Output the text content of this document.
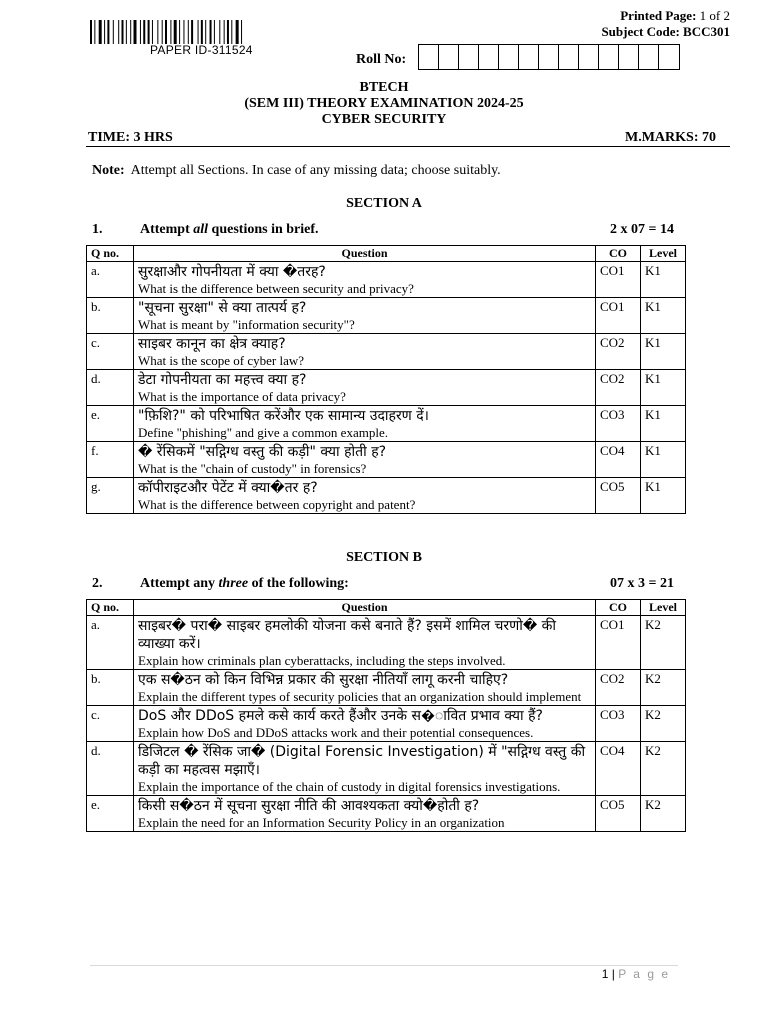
PAPER ID-311524
Printed Page: 1 of 2
Subject Code: BCC301
Roll No:
BTECH
(SEM III) THEORY EXAMINATION 2024-25
CYBER SECURITY
TIME: 3 HRS	M.MARKS: 70
Note: Attempt all Sections. In case of any missing data; choose suitably.
SECTION A
1.	Attempt all questions in brief.	2 x 07 = 14
Q no.	Question	CO	Level
a.	सुरक्षाऔर गोपनीयता में क्या �तरह?
What is the difference between security and privacy?	CO1	K1
b.	"सूचना सुरक्षा" से क्या तात्पर्य ह?
What is meant by "information security"?	CO1	K1
c.	साइबर कानून का क्षेत्र क्याह?
What is the scope of cyber law?	CO2	K1
d.	डेटा गोपनीयता का महत्त्व क्या ह?
What is the importance of data privacy?	CO2	K1
e.	"फ़िशि?" को परिभाषित करेंऔर एक सामान्य उदाहरण दें।
Define "phishing" and give a common example.	CO3	K1
f.	� रेंसिकमें "सद्गिग्ध वस्तु की कड़ी" क्या होती ह?
What is the "chain of custody" in forensics?	CO4	K1
g.	कॉपीराइटऔर पेटेंट में क्या�तर ह?
What is the difference between copyright and patent?	CO5	K1
SECTION B
2.	Attempt any three of the following:	07 x 3 = 21
Q no.	Question	CO	Level
a.	साइबर� परा� साइबर हमलोकी योजना कसे बनाते हैं? इसमें शामिल चरणो� की व्याख्या करें।
Explain how criminals plan cyberattacks, including the steps involved.	CO1	K2
b.	एक स�ठन को किन विभिन्न प्रकार की सुरक्षा नीतियाँ लागू करनी चाहिए?
Explain the different types of security policies that an organization should implement	CO2	K2
c.	DoS और DDoS हमले कसे कार्य करते हैंऔर उनके स�ावित प्रभाव क्या हैं?
Explain how DoS and DDoS attacks work and their potential consequences.	CO3	K2
d.	डिजिटल � रेंसिक जा� (Digital Forensic Investigation) में "सद्गिग्ध वस्तु की कड़ी का महत्वस मझाएँ।
Explain the importance of the chain of custody in digital forensics investigations.	CO4	K2
e.	किसी स�ठन में सूचना सुरक्षा नीति की आवश्यकता क्यो�होती ह?
Explain the need for an Information Security Policy in an organization	CO5	K2
1 | P a g e
